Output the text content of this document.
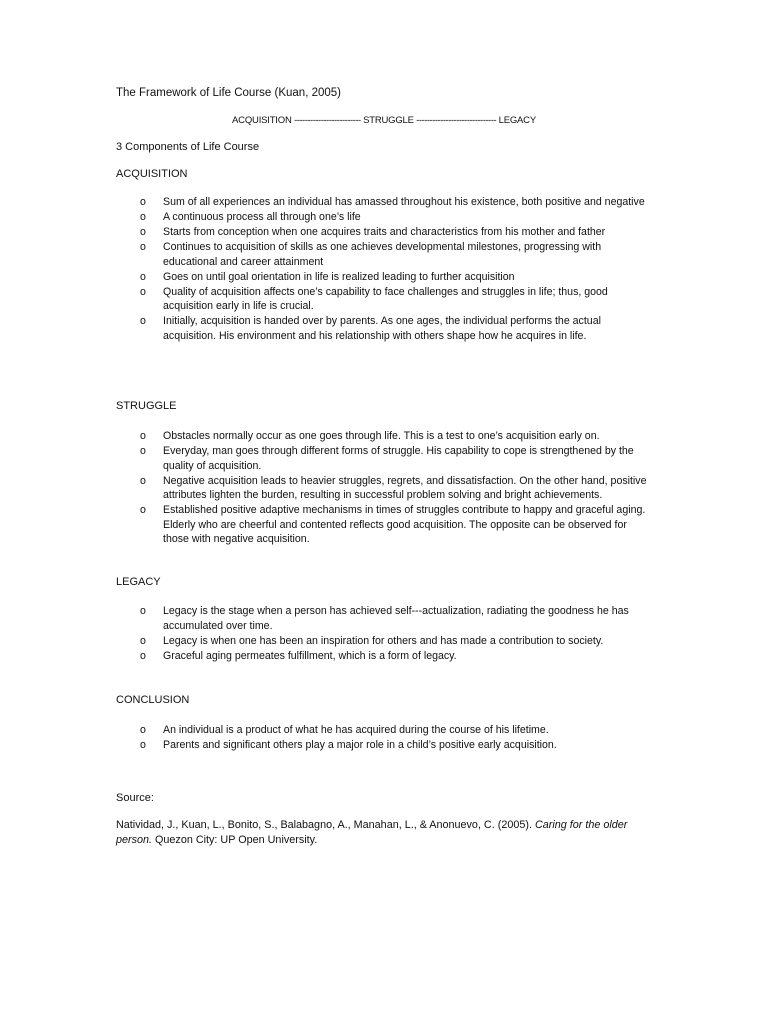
The Framework of Life Course (Kuan, 2005)
ACQUISITION ------------------------- STRUGGLE ------------------------------ LEGACY
3 Components of Life Course
ACQUISITION
o Sum of all experiences an individual has amassed throughout his existence, both positive and negative
o A continuous process all through one’s life
o Starts from conception when one acquires traits and characteristics from his mother and father
o Continues to acquisition of skills as one achieves developmental milestones, progressing with educational and career attainment
o Goes on until goal orientation in life is realized leading to further acquisition
o Quality of acquisition affects one’s capability to face challenges and struggles in life; thus, good acquisition early in life is crucial.
o Initially, acquisition is handed over by parents. As one ages, the individual performs the actual acquisition. His environment and his relationship with others shape how he acquires in life.
STRUGGLE
o Obstacles normally occur as one goes through life. This is a test to one’s acquisition early on.
o Everyday, man goes through different forms of struggle. His capability to cope is strengthened by the quality of acquisition.
o Negative acquisition leads to heavier struggles, regrets, and dissatisfaction. On the other hand, positive attributes lighten the burden, resulting in successful problem solving and bright achievements.
o Established positive adaptive mechanisms in times of struggles contribute to happy and graceful aging. Elderly who are cheerful and contented reflects good acquisition. The opposite can be observed for those with negative acquisition.
LEGACY
o Legacy is the stage when a person has achieved self---actualization, radiating the goodness he has accumulated over time.
o Legacy is when one has been an inspiration for others and has made a contribution to society.
o Graceful aging permeates fulfillment, which is a form of legacy.
CONCLUSION
o An individual is a product of what he has acquired during the course of his lifetime.
o Parents and significant others play a major role in a child’s positive early acquisition.
Source:
Natividad, J., Kuan, L., Bonito, S., Balabagno, A., Manahan, L., & Anonuevo, C. (2005). Caring for the older person. Quezon City: UP Open University.
